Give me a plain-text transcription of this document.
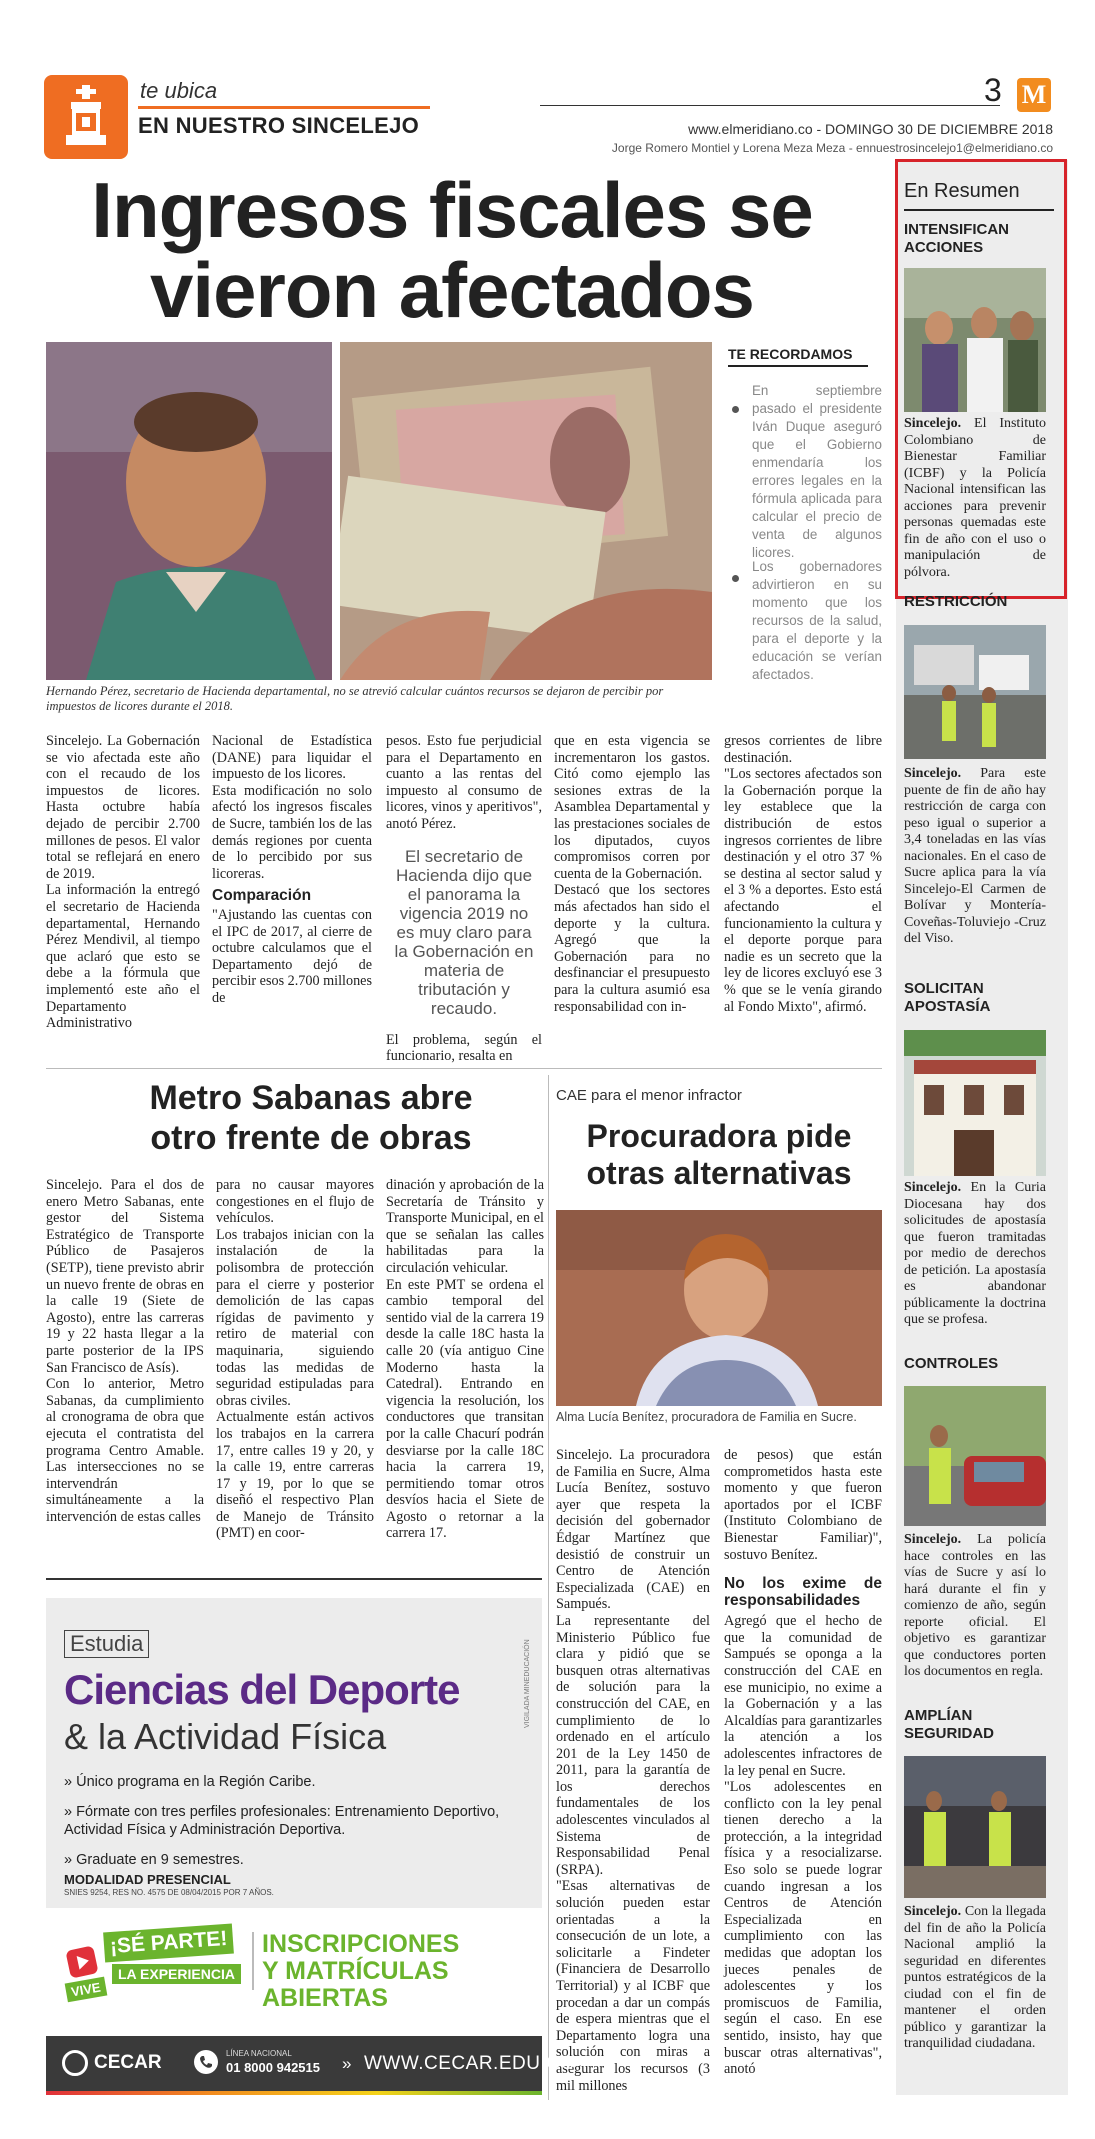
te ubica
EN NUESTRO SINCELEJO
3 M
www.elmeridiano.co - DOMINGO 30 DE DICIEMBRE 2018
Jorge Romero Montiel y Lorena Meza Meza - ennuestrosincelejo1@elmeridiano.co
Ingresos fiscales se
vieron afectados
Hernando Pérez, secretario de Hacienda departamental, no se atrevió calcular cuántos recursos se dejaron de percibir por impuestos de licores durante el 2018.
TE RECORDAMOS
En septiembre pasado el presidente Iván Duque aseguró que el Gobierno enmendaría los errores legales en la fórmula aplicada para calcular el precio de venta de algunos licores.
Los gobernadores advirtieron en su momento que los recursos de la salud, para el deporte y la educación se verían afectados.
Sincelejo. La Gobernación se vio afectada este año con el recaudo de los impuestos de licores. Hasta octubre había dejado de percibir 2.700 millones de pesos. El valor total se reflejará en enero de 2019.
La información la entregó el secretario de Hacienda departamental, Hernando Pérez Mendivil, al tiempo que aclaró que esto se debe a la fórmula que implementó este año el Departamento Administrativo
Nacional de Estadística (DANE) para liquidar el impuesto de los licores.
Esta modificación no solo afectó los ingresos fiscales de Sucre, también los de las demás regiones por cuenta de lo percibido por sus licoreras.
Comparación
"Ajustando las cuentas con el IPC de 2017, al cierre de octubre calculamos que el Departamento dejó de percibir esos 2.700 millones de
pesos. Esto fue perjudicial para el Departamento en cuanto a las rentas del impuesto al consumo de licores, vinos y aperitivos", anotó Pérez.
El secretario de Hacienda dijo que el panorama la vigencia 2019 no es muy claro para la Gobernación en materia de tributación y recaudo.
El problema, según el funcionario, resalta en
que en esta vigencia se incrementaron los gastos. Citó como ejemplo las sesiones extras de la Asamblea Departamental y las prestaciones sociales de los diputados, cuyos compromisos corren por cuenta de la Gobernación.
Destacó que los sectores más afectados han sido el deporte y la cultura. Agregó que la Gobernación para no desfinanciar el presupuesto para la cultura asumió esa responsabilidad con in-
gresos corrientes de libre destinación.
"Los sectores afectados son la Gobernación porque la ley establece que la distribución de estos ingresos corrientes de libre destinación y el otro 37 % se destina al sector salud y el 3 % a deportes. Esto está afectando el funcionamiento la cultura y el deporte porque para nadie es un secreto que la ley de licores excluyó ese 3 % que se le venía girando al Fondo Mixto", afirmó.
Metro Sabanas abre
otro frente de obras
Sincelejo. Para el dos de enero Metro Sabanas, ente gestor del Sistema Estratégico de Transporte Público de Pasajeros (SETP), tiene previsto abrir un nuevo frente de obras en la calle 19 (Siete de Agosto), entre las carreras 19 y 22 hasta llegar a la parte posterior de la IPS San Francisco de Asís).
Con lo anterior, Metro Sabanas, da cumplimiento al cronograma de obra que ejecuta el contratista del programa Centro Amable. Las intersecciones no se intervendrán simultáneamente a la intervención de estas calles
para no causar mayores congestiones en el flujo de vehículos.
Los trabajos inician con la instalación de la polisombra de protección para el cierre y posterior demolición de las capas rígidas de pavimento y retiro de material con maquinaria, siguiendo todas las medidas de seguridad estipuladas para obras civiles.
Actualmente están activos los trabajos en la carrera 17, entre calles 19 y 20, y la calle 19, entre carreras 17 y 19, por lo que se diseñó el respectivo Plan de Manejo de Tránsito (PMT) en coor-
dinación y aprobación de la Secretaría de Tránsito y Transporte Municipal, en el que se señalan las calles habilitadas para la circulación vehicular.
En este PMT se ordena el cambio temporal del sentido vial de la carrera 19 desde la calle 18C hasta la calle 20 (vía antiguo Cine Moderno hasta la Catedral). Entrando en vigencia la resolución, los conductores que transitan por la calle Chacurí podrán desviarse por la calle 18C hacia la carrera 19, permitiendo tomar otros desvíos hacia el Siete de Agosto o retornar a la carrera 17.
CAE para el menor infractor
Procuradora pide
otras alternativas
Alma Lucía Benítez, procuradora de Familia en Sucre.
Sincelejo. La procuradora de Familia en Sucre, Alma Lucía Benítez, sostuvo ayer que respeta la decisión del gobernador Édgar Martínez que desistió de construir un Centro de Atención Especializada (CAE) en Sampués.
La representante del Ministerio Público fue clara y pidió que se busquen otras alternativas de solución para la construcción del CAE, en cumplimiento de lo ordenado en el artículo 201 de la Ley 1450 de 2011, para la garantía de los derechos fundamentales de los adolescentes vinculados al Sistema de Responsabilidad Penal (SRPA).
"Esas alternativas de solución pueden estar orientadas a la consecución de un lote, a solicitarle a Findeter (Financiera de Desarrollo Territorial) y al ICBF que procedan a dar un compás de espera mientras que el Departamento logra una solución con miras a asegurar los recursos (3 mil millones
de pesos) que están comprometidos hasta este momento y que fueron aportados por el ICBF (Instituto Colombiano de Bienestar Familiar)", sostuvo Benítez.
No los exime de responsabilidades
Agregó que el hecho de que la comunidad de Sampués se oponga a la construcción del CAE en ese municipio, no exime a la Gobernación y a las Alcaldías para garantizarles la atención a los adolescentes infractores de la ley penal en Sucre.
"Los adolescentes en conflicto con la ley penal tienen derecho a la protección, a la integridad física y a resocializarse. Eso solo se puede lograr cuando ingresan a los Centros de Atención Especializada en cumplimiento con las medidas que adoptan los jueces penales de adolescentes y los promiscuos de Familia, según el caso. En ese sentido, insisto, hay que buscar otras alternativas", anotó
En Resumen
INTENSIFICAN ACCIONES
Sincelejo. El Instituto Colombiano de Bienestar Familiar (ICBF) y la Policía Nacional intensifican las acciones para prevenir personas quemadas este fin de año con el uso o manipulación de pólvora.
RESTRICCIÓN
Sincelejo. Para este puente de fin de año hay restricción de carga con peso igual o superior a 3,4 toneladas en las vías nacionales. En el caso de Sucre aplica para la vía Sincelejo-El Carmen de Bolívar y Montería-Coveñas-Toluviejo -Cruz del Viso.
SOLICITAN APOSTASÍA
Sincelejo. En la Curia Diocesana hay dos solicitudes de apostasía que fueron tramitadas por medio de derechos de petición. La apostasía es abandonar públicamente la doctrina que se profesa.
CONTROLES
Sincelejo. La policía hace controles en las vías de Sucre y así lo hará durante el fin y comienzo de año, según reporte oficial. El objetivo es garantizar que conductores porten los documentos en regla.
AMPLÍAN SEGURIDAD
Sincelejo. Con la llegada del fin de año la Policía Nacional amplió la seguridad en diferentes puntos estratégicos de la ciudad con el fin de mantener el orden público y garantizar la tranquilidad ciudadana.
Estudia
Ciencias del Deporte
& la Actividad Física
» Único programa en la Región Caribe.
» Fórmate con tres perfiles profesionales: Entrenamiento Deportivo, Actividad Física y Administración Deportiva.
» Graduate en 9 semestres.
MODALIDAD PRESENCIAL
SNIES 9254, RES NO. 4575 DE 08/04/2015 POR 7 AÑOS.
VIGILADA MINEDUCACIÓN
VIVE
¡SÉ PARTE!
LA EXPERIENCIA
INSCRIPCIONES
Y MATRÍCULAS ABIERTAS
CECAR	LÍNEA NACIONAL
01 8000 942515 » WWW.CECAR.EDU.CO
